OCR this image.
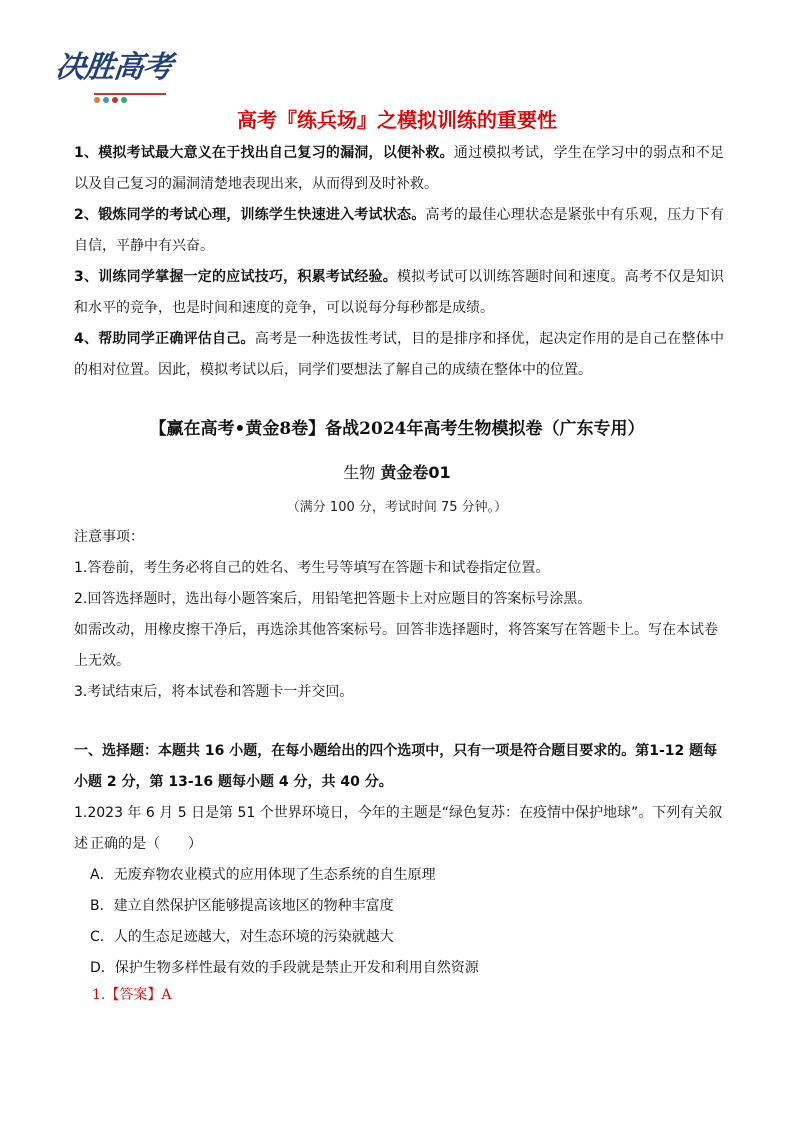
决胜高考
高考『练兵场』之模拟训练的重要性
1、模拟考试最大意义在于找出自己复习的漏洞，以便补救。通过模拟考试，学生在学习中的弱点和不足以及自己复习的漏洞清楚地表现出来，从而得到及时补救。
2、锻炼同学的考试心理，训练学生快速进入考试状态。高考的最佳心理状态是紧张中有乐观，压力下有自信，平静中有兴奋。
3、训练同学掌握一定的应试技巧，积累考试经验。模拟考试可以训练答题时间和速度。高考不仅是知识和水平的竞争，也是时间和速度的竞争，可以说每分每秒都是成绩。
4、帮助同学正确评估自己。高考是一种选拔性考试，目的是排序和择优，起决定作用的是自己在整体中的相对位置。因此，模拟考试以后，同学们要想法了解自己的成绩在整体中的位置。
【赢在高考•黄金8卷】备战2024年高考生物模拟卷（广东专用）
生物 黄金卷01
（满分 100 分，考试时间 75 分钟。）
注意事项：
1.答卷前，考生务必将自己的姓名、考生号等填写在答题卡和试卷指定位置。
2.回答选择题时，选出每小题答案后，用铅笔把答题卡上对应题目的答案标号涂黑。
如需改动，用橡皮擦干净后，再选涂其他答案标号。回答非选择题时，将答案写在答题卡上。写在本试卷上无效。
3.考试结束后，将本试卷和答题卡一并交回。
一、选择题：本题共 16 小题，在每小题给出的四个选项中，只有一项是符合题目要求的。第1-12 题每小题 2 分，第 13-16 题每小题 4 分，共 40 分。
1.2023 年 6 月 5 日是第 51 个世界环境日，今年的主题是“绿色复苏：在疫情中保护地球”。下列有关叙述 正确的是（　　）
A．无废弃物农业模式的应用体现了生态系统的自生原理
B．建立自然保护区能够提高该地区的物种丰富度
C．人的生态足迹越大，对生态环境的污染就越大
D．保护生物多样性最有效的手段就是禁止开发和利用自然资源
1.【答案】A
